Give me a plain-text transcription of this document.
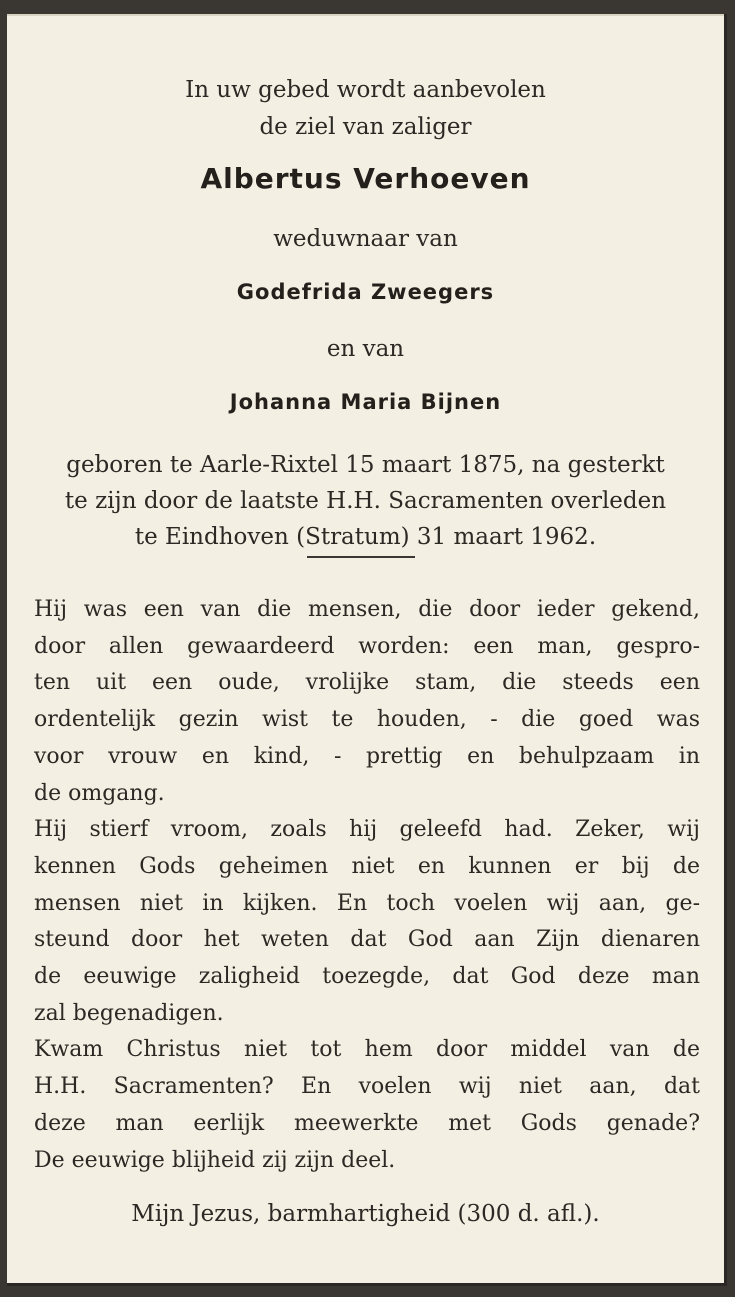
In uw gebed wordt aanbevolen
de ziel van zaliger
Albertus Verhoeven
weduwnaar van
Godefrida Zweegers
en van
Johanna Maria Bijnen
geboren te Aarle-Rixtel 15 maart 1875, na gesterkt
te zijn door de laatste H.H. Sacramenten overleden
te Eindhoven (Stratum) 31 maart 1962.
Hij was een van die mensen, die door ieder gekend,
door allen gewaardeerd worden: een man, gespro-
ten uit een oude, vrolijke stam, die steeds een
ordentelijk gezin wist te houden, - die goed was
voor vrouw en kind, - prettig en behulpzaam in
de omgang.
Hij stierf vroom, zoals hij geleefd had. Zeker, wij
kennen Gods geheimen niet en kunnen er bij de
mensen niet in kijken. En toch voelen wij aan, ge-
steund door het weten dat God aan Zijn dienaren
de eeuwige zaligheid toezegde, dat God deze man
zal begenadigen.
Kwam Christus niet tot hem door middel van de
H.H. Sacramenten? En voelen wij niet aan, dat
deze man eerlijk meewerkte met Gods genade?
De eeuwige blijheid zij zijn deel.
Mijn Jezus, barmhartigheid (300 d. afl.).
